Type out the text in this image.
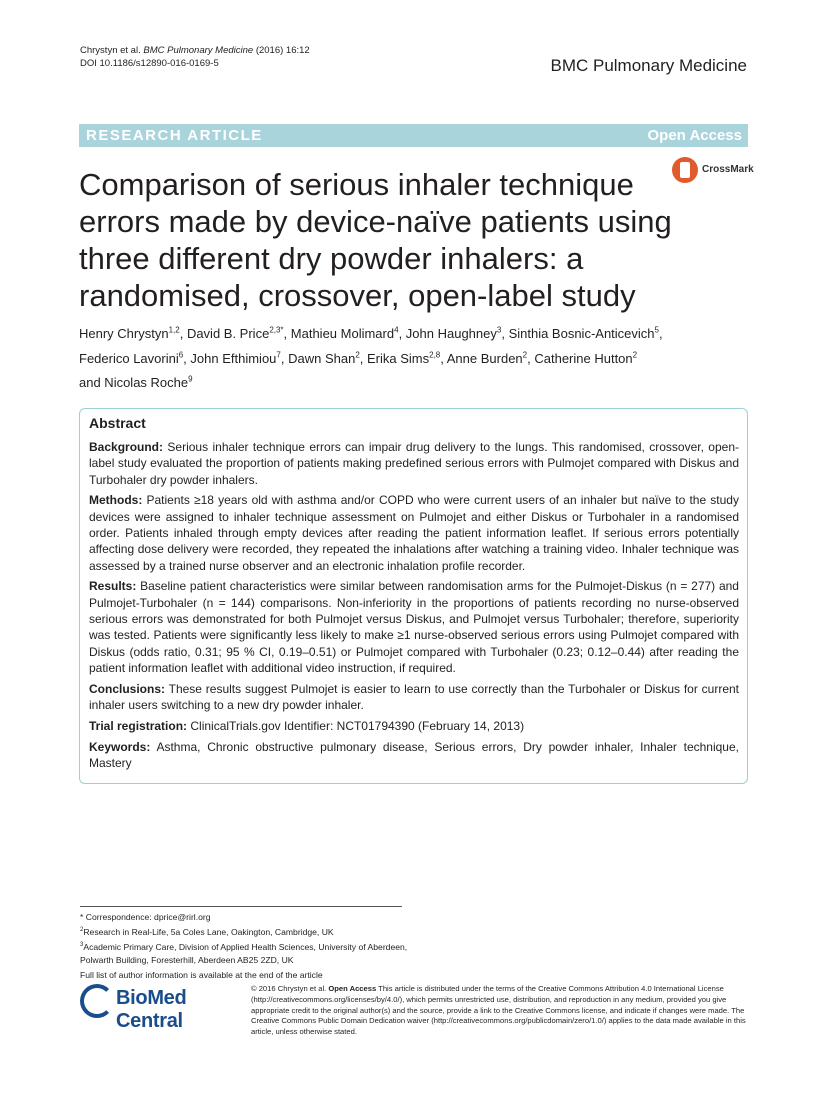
Chrystyn et al. BMC Pulmonary Medicine (2016) 16:12
DOI 10.1186/s12890-016-0169-5	BMC Pulmonary Medicine
RESEARCH ARTICLE	Open Access
CrossMark
Comparison of serious inhaler technique errors made by device-naïve patients using three different dry powder inhalers: a randomised, crossover, open-label study
Henry Chrystyn$^{1,2}$, David B. Price$^{2,3*}$, Mathieu Molimard$^4$, John Haughney$^3$, Sinthia Bosnic-Anticevich$^5$,
Federico Lavorini$^6$, John Efthimiou$^7$, Dawn Shan$^2$, Erika Sims$^{2,8}$, Anne Burden$^2$, Catherine Hutton$^2$
and Nicolas Roche$^9$
Abstract

Background: Serious inhaler technique errors can impair drug delivery to the lungs. This randomised, crossover, open-label study evaluated the proportion of patients making predefined serious errors with Pulmojet compared with Diskus and Turbohaler dry powder inhalers.

Methods: Patients ≥18 years old with asthma and/or COPD who were current users of an inhaler but naïve to the study devices were assigned to inhaler technique assessment on Pulmojet and either Diskus or Turbohaler in a randomised order. Patients inhaled through empty devices after reading the patient information leaflet. If serious errors potentially affecting dose delivery were recorded, they repeated the inhalations after watching a training video. Inhaler technique was assessed by a trained nurse observer and an electronic inhalation profile recorder.

Results: Baseline patient characteristics were similar between randomisation arms for the Pulmojet-Diskus (n = 277) and Pulmojet-Turbohaler (n = 144) comparisons. Non-inferiority in the proportions of patients recording no nurse-observed serious errors was demonstrated for both Pulmojet versus Diskus, and Pulmojet versus Turbohaler; therefore, superiority was tested. Patients were significantly less likely to make ≥1 nurse-observed serious errors using Pulmojet compared with Diskus (odds ratio, 0.31; 95 % CI, 0.19–0.51) or Pulmojet compared with Turbohaler (0.23; 0.12–0.44) after reading the patient information leaflet with additional video instruction, if required.

Conclusions: These results suggest Pulmojet is easier to learn to use correctly than the Turbohaler or Diskus for current inhaler users switching to a new dry powder inhaler.

Trial registration: ClinicalTrials.gov Identifier: NCT01794390 (February 14, 2013)

Keywords: Asthma, Chronic obstructive pulmonary disease, Serious errors, Dry powder inhaler, Inhaler technique, Mastery

* Correspondence: dprice@rirl.org
$^2$Research in Real-Life, 5a Coles Lane, Oakington, Cambridge, UK
$^3$Academic Primary Care, Division of Applied Health Sciences, University of Aberdeen, Polwarth Building, Foresterhill, Aberdeen AB25 2ZD, UK
Full list of author information is available at the end of the article
BioMed Central
© 2016 Chrystyn et al. Open Access This article is distributed under the terms of the Creative Commons Attribution 4.0 International License (http://creativecommons.org/licenses/by/4.0/), which permits unrestricted use, distribution, and reproduction in any medium, provided you give appropriate credit to the original author(s) and the source, provide a link to the Creative Commons license, and indicate if changes were made. The Creative Commons Public Domain Dedication waiver (http://creativecommons.org/publicdomain/zero/1.0/) applies to the data made available in this article, unless otherwise stated.
